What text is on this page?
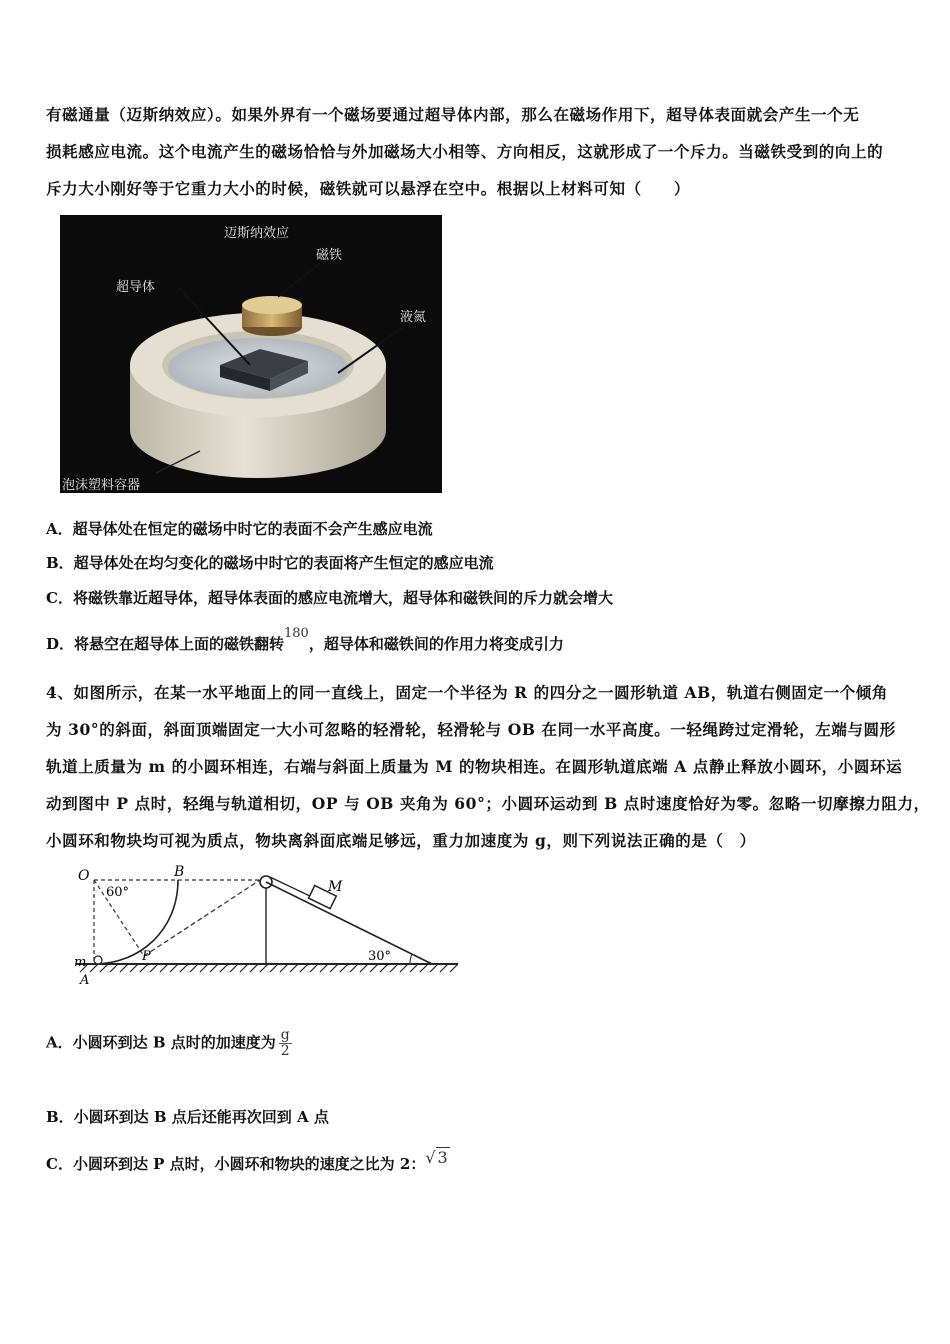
有磁通量（迈斯纳效应）。如果外界有一个磁场要通过超导体内部，那么在磁场作用下，超导体表面就会产生一个无
损耗感应电流。这个电流产生的磁场恰恰与外加磁场大小相等、方向相反，这就形成了一个斥力。当磁铁受到的向上的
斥力大小刚好等于它重力大小的时候，磁铁就可以悬浮在空中。根据以上材料可知（　　）
迈斯纳效应
超导体
磁铁
液氮
泡沫塑料容器
A．超导体处在恒定的磁场中时它的表面不会产生感应电流
B．超导体处在均匀变化的磁场中时它的表面将产生恒定的感应电流
C．将磁铁靠近超导体，超导体表面的感应电流增大，超导体和磁铁间的斥力就会增大
D．将悬空在超导体上面的磁铁翻转180，超导体和磁铁间的作用力将变成引力
4、如图所示，在某一水平地面上的同一直线上，固定一个半径为 R 的四分之一圆形轨道 AB，轨道右侧固定一个倾角
为 30°的斜面，斜面顶端固定一大小可忽略的轻滑轮，轻滑轮与 OB 在同一水平高度。一轻绳跨过定滑轮，左端与圆形
轨道上质量为 m 的小圆环相连，右端与斜面上质量为 M 的物块相连。在圆形轨道底端 A 点静止释放小圆环，小圆环运
动到图中 P 点时，轻绳与轨道相切，OP 与 OB 夹角为 60°；小圆环运动到 B 点时速度恰好为零。忽略一切摩擦力阻力，
小圆环和物块均可视为质点，物块离斜面底端足够远，重力加速度为 g，则下列说法正确的是（　）
O	B
60°	M
30°
m	P
A
A．小圆环到达 B 点时的加速度为 $\frac{g}{2}$
B．小圆环到达 B 点后还能再次回到 A 点
C．小圆环到达 P 点时，小圆环和物块的速度之比为 2：√ 3
